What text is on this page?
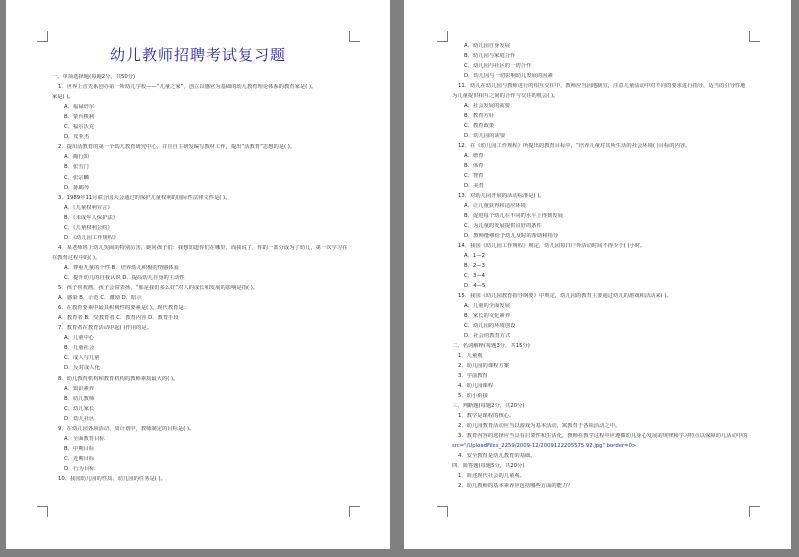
幼儿教师招聘考试复习题
一、单项选择题(每题2分，共50分)
1．世界上首先系创办第一所幼儿学校——“儿童之家”，创立以感官为基础的幼儿教育理论体系的教育家是( )。
家是( )。
A．福禄培尔
B．蒙台梭利
C．福尔沃克
D．皮亚杰
2．提出活教育的第一个幼儿教育研究中心，并且自主研发编写教材工作，提出“活教育”思想的是( )。
A．陶行知
B．张雪门
C．张宗麟
D．陈鹤琴
3．1989年11月联合国大会通过的保护儿童权利的国际性法律文件是( )。
A．《儿童权利宣言》
B．《未成年人保护法》
C．《儿童权利公约》
D．《幼儿园工作规程》
4．某老师班上幼儿哭闹的特别厉害，她问孩子们：我想知道你们在哪里，而我说了，你的一部分成为了幼儿，第一次学习在
在教育过程中的( )。
A．尊重儿童的个性 B．培养幼儿积极的情感体验
C．提升幼儿的自我认识 D．提高幼儿自身的主动性
5．孩子喜欢画，孩子会常表扬，“那是我们多么好”对人的成长和发展的影响是指( )。
A．感染 B．示范 C．激励 D．暗示
6．在教育要素中最具积极性的要素是( )。现代教育是：
A．教育者 B．受教育者 C．教育内容 D．教育手段
7．教育者在教育活动中起( )作用的是。
A．儿童中心
B．儿童社会
C．成人与儿童
D．反对成人化
8．幼儿教育机构和教育机构的教师素质最大的( )。
A．知识素养
B．幼儿教师
C．幼儿家长
D．幼儿社区
9．在幼儿园各项活动、周计划中，教师制定的目标是( )。
A．全面教育目标
B．中期目标
C．近期目标
D．行为目标
10．我国幼儿园的性质，幼儿园的任务是( )。
A．幼儿园自身发展
B．幼儿园与家庭合作
C．幼儿园与社区的一切合作
D．幼儿园与一切影响幼儿发展的因素
11．幼儿在幼儿园与教师进行的相互交往中，教师应当因地制宜，注意儿童活动中对不同的要求进行指导，适当的引导性地
为儿童提供相互之间的合作与交往的机会( )。
A．社会发展的需要
B．教育方针
C．教育政策
D．幼儿园的需要
12．在《幼儿园工作规程》所提出的教育目标中，“培养儿童对其所生活的社会环境( )目标的内容。
A．德育
B．体育
C．智育
D．美育
13．对幼儿园开展的活动标准是( )。
A．让儿童获得和适应环境
B．促进每个幼儿在不同的水平上得到发展
C．为儿童的发展提供良好的条件
D．教师能够给予幼儿及时的帮助和指导
14．我国《幼儿园工作规程》规定，幼儿园每日户外活动时间不得少于( )小时。
A．1—2
B．2—3
C．3—4
D．4—5
15．我国《幼儿园教育指导纲要》中规定，幼儿园的教育主要通过幼儿的游戏和活动来( )。
A．儿童的全面发展
B．家长的文化素养
C．幼儿园的环境创设
D．社会的教育方式
二、名词解释(每题3分，共15分)
1．儿童观
2．幼儿园的课程方案
3．学前教育
4．幼儿园课程
5．幼小衔接
三、判断题(每题2分，共20分)
1．教学是课程的核心。
2．幼儿园教育活动应当以游戏为基本活动，寓教育于各项活动之中。
3．教育内容的选择应当具有启蒙性和生活化，教师在教学过程中应遵循幼儿身心发展的规律和学习特点以保障幼儿活动中的
src="/UploadFiles_2259/2009-12/2009122205575 92.jpg" border=0>
4．安全教育是幼儿教育的基础。
四、简答题(每题5分，共20分)
1．简述现代社会的儿童观。
2．幼儿教师的基本素养应包括哪些方面的能力？
